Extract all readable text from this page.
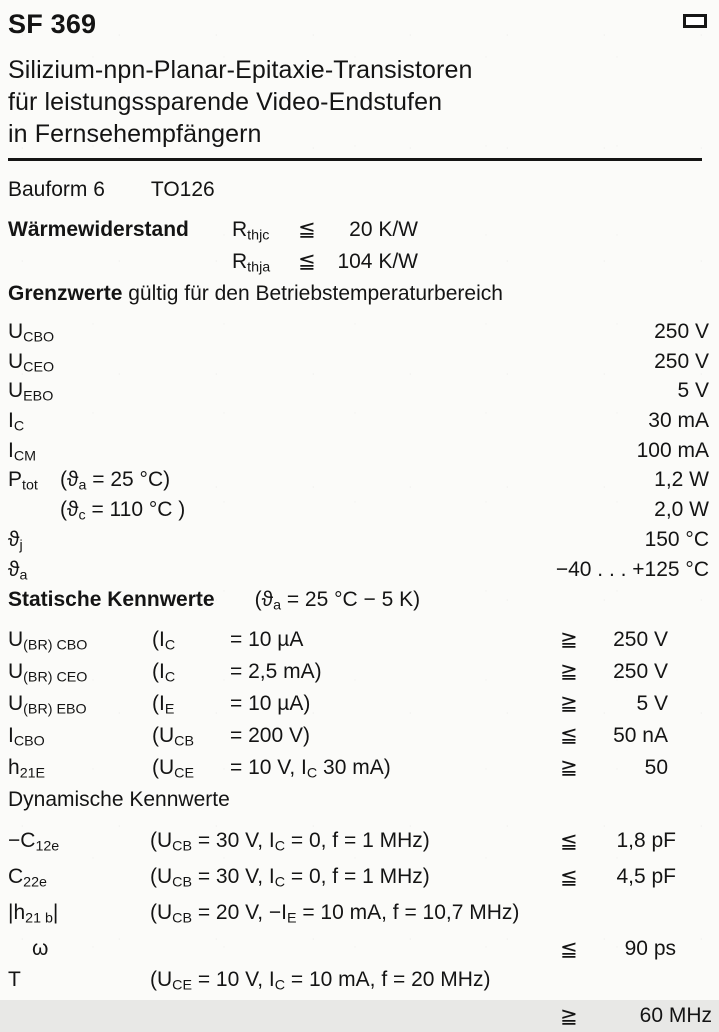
SF 369
Silizium-npn-Planar-Epitaxie-Transistoren
für leistungssparende Video-Endstufen
in Fernsehempfängern
Bauform 6 TO126
Wärmewiderstand	Rthjc	≦	20 K/W
Rthja	≦	104 K/W
Grenzwerte gültig für den Betriebstemperaturbereich
UCBO	250 V
UCEO	250 V
UEBO	5 V
IC	30 mA
ICM	100 mA
Ptot	(ϑa = 25 °C)	1,2 W
(ϑc = 110 °C )	2,0 W
ϑj	150 °C
ϑa	−40 . . . +125 °C
Statische Kennwerte (ϑa = 25 °C − 5 K)
U(BR) CBO	(IC	= 10 µA	≧	250 V
U(BR) CEO	(IC	= 2,5 mA)	≧	250 V
U(BR) EBO	(IE	= 10 µA)	≧	5 V
ICBO	(UCB	= 200 V)	≦	50 nA
h21E	(UCE	= 10 V, IC 30 mA)	≧	50
Dynamische Kennwerte
−C12e	(UCB = 30 V, IC = 0, f = 1 MHz)	≦	1,8 pF
C22e	(UCB = 30 V, IC = 0, f = 1 MHz)	≦	4,5 pF
|h21 b|	(UCB = 20 V, −IE = 10 mA, f = 10,7 MHz)
ω	≦	90 ps
T	(UCE = 10 V, IC = 10 mA, f = 20 MHz)
≧	60 MHz
